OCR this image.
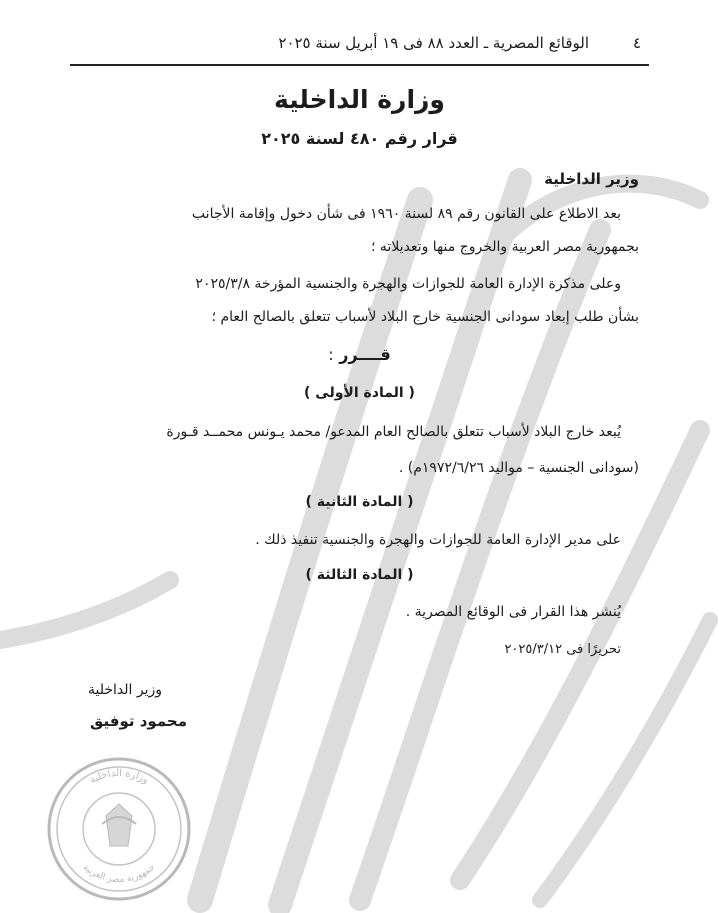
الوقائع المصرية ـ العدد ٨٨ فى ١٩ أبريل سنة ٢٠٢٥	٤
وزارة الداخلية
قرار رقم ٤٨٠ لسنة ٢٠٢٥
وزير الداخلية
بعد الاطلاع على القانون رقم ٨٩ لسنة ١٩٦٠ فى شأن دخول وإقامة الأجانب
بجمهورية مصر العربية والخروج منها وتعديلاته ؛
وعلى مذكرة الإدارة العامة للجوازات والهجرة والجنسية المؤرخة ٢٠٢٥/٣/٨
بشأن طلب إبعاد سودانى الجنسية خارج البلاد لأسباب تتعلق بالصالح العام ؛
قــــرر :
( المادة الأولى )
يُبعد خارج البلاد لأسباب تتعلق بالصالح العام المدعو/ محمد يـونس محمــد قـورة
(سودانى الجنسية – مواليد ١٩٧٢/٦/٢٦م) .
( المادة الثانية )
على مدير الإدارة العامة للجوازات والهجرة والجنسية تنفيذ ذلك .
( المادة الثالثة )
يُنشر هذا القرار فى الوقائع المصرية .
تحريرًا فى ٢٠٢٥/٣/١٢
وزير الداخلية
محمود توفيق
وزارة الداخلية
جمهورية مصر العربية
